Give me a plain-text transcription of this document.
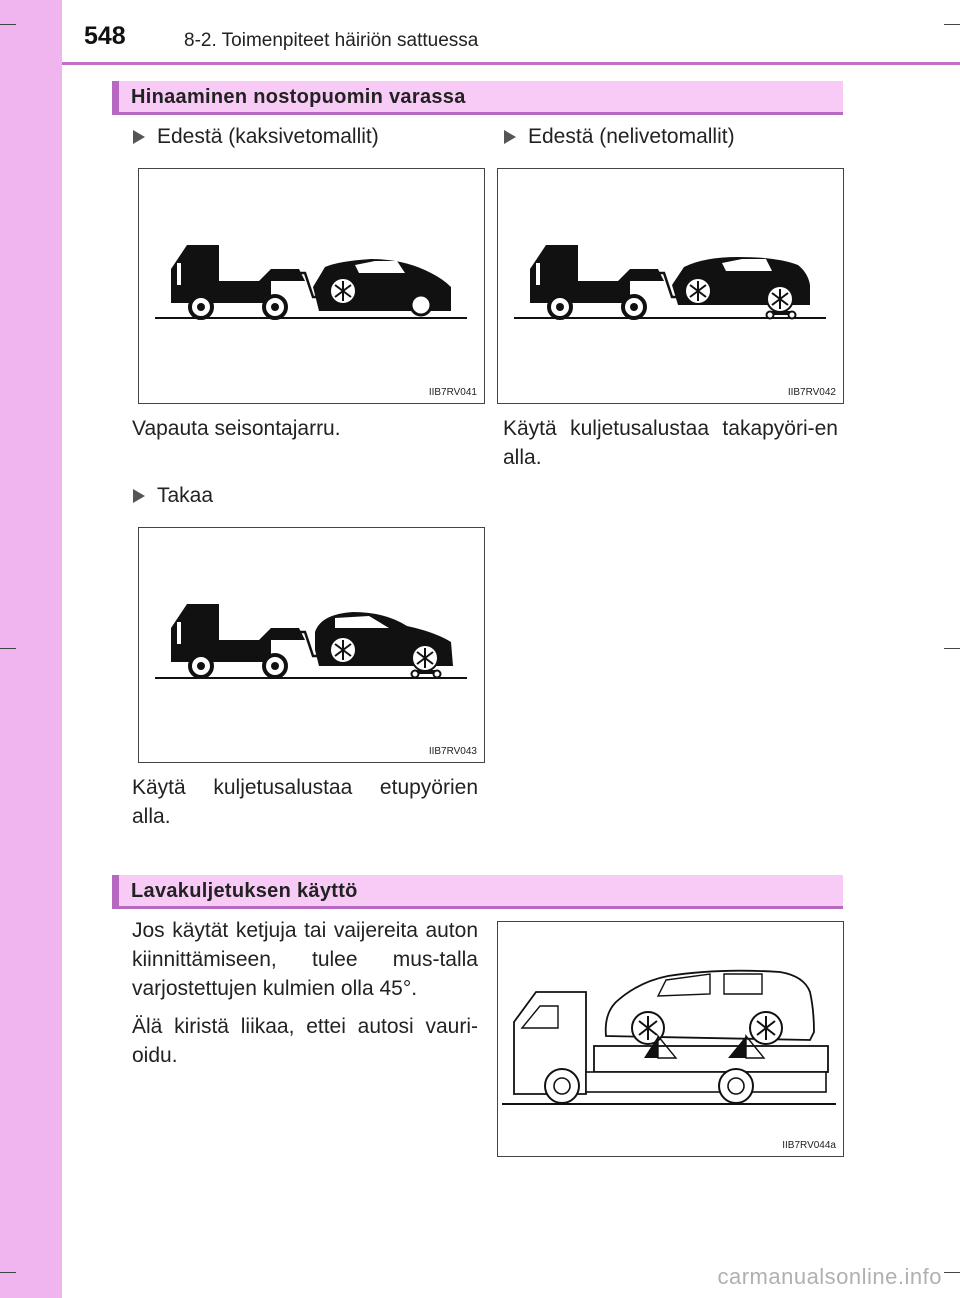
548	8-2. Toimenpiteet häiriön sattuessa
Hinaaminen nostopuomin varassa
Edestä (kaksivetomallit)	Edestä (nelivetomallit)
IIB7RV041	IIB7RV042

Vapauta seisontajarru.	Käytä kuljetusalustaa takapyöri-en alla.

Takaa
IIB7RV043

Käytä kuljetusalustaa etupyörien alla.

Lavakuljetuksen käyttö

Jos käytät ketjuja tai vaijereita auton kiinnittämiseen, tulee mus-talla varjostettujen kulmien olla 45°.

Älä kiristä liikaa, ettei autosi vauri-oidu.

IIB7RV044a
carmanualsonline.info
